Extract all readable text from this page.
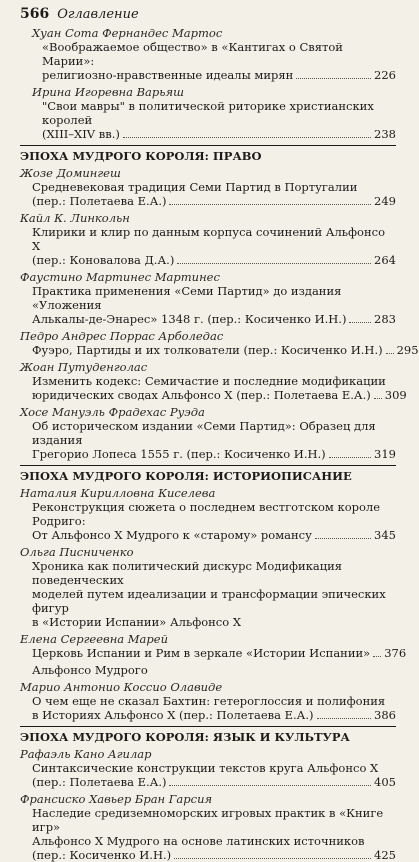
566 Оглавление
Хуан Сота Фернандес Мартос
«Воображаемое общество» в «Кантигах о Святой Марии»:
религиозно-нравственные идеалы мирян	226
Ирина Игоревна Варьяш
"Свои мавры" в политической риторике христианских королей
(XIII–XIV вв.)	238
ЭПОХА МУДРОГО КОРОЛЯ: ПРАВО
Жозе Домингеш
Средневековая традиция Семи Партид в Португалии
(пер.: Полетаева Е.А.)	249
Кайл К. Линкольн
Клирики и клир по данным корпуса сочинений Альфонсо X
(пер.: Коновалова Д.А.)	264
Фаустино Мартинес Мартинес
Практика применения «Семи Партид» до издания «Уложения
Алькалы-де-Энарес» 1348 г. (пер.: Косиченко И.Н.) 283
Педро Андрес Поррас Арболедас
Фуэро, Партиды и их толкователи (пер.: Косиченко И.Н.) 295
Жоан Путуденголас
Изменить кодекс: Семичастие и последние модификации
юридических сводах Альфонсо X (пер.: Полетаева Е.А.) 309
Хосе Мануэль Фрадехас Руэда
Об историческом издании «Семи Партид»: Образец для издания
Грегорио Лопеса 1555 г. (пер.: Косиченко И.Н.)	319
ЭПОХА МУДРОГО КОРОЛЯ: ИСТОРИОПИСАНИЕ
Наталия Кирилловна Киселева
Реконструкция сюжета о последнем вестготском короле Родриго:
От Альфонсо X Мудрого к «старому» романсу	345
Ольга Писниченко
Хроника как политический дискурс Модификация поведенческих
моделей путем идеализации и трансформации эпических фигур
в «Истории Испании» Альфонсо X
Елена Сергеевна Марей
Церковь Испании и Рим в зеркале «Истории Испании» 376
Альфонсо Мудрого
Марио Антонио Коссио Олавиде
О чем еще не сказал Бахтин: гетероглоссия и полифония
в Историях Альфонсо X (пер.: Полетаева Е.А.)	386
ЭПОХА МУДРОГО КОРОЛЯ: ЯЗЫК И КУЛЬТУРА
Рафаэль Кано Агилар
Синтаксические конструкции текстов круга Альфонсо X
(пер.: Полетаева Е.А.)	405
Франсиско Хавьер Бран Гарсия
Наследие средиземноморских игровых практик в «Книге игр»
Альфонсо X Мудрого на основе латинских источников
(пер.: Косиченко И.Н.)	425
